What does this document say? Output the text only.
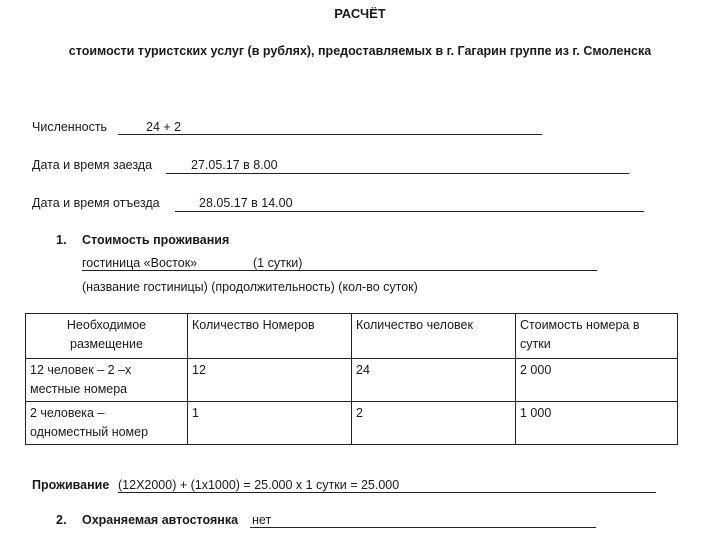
РАСЧЁТ
стоимости туристских услуг (в рублях), предоставляемых в г. Гагарин группе из г. Смоленска
Численность	24 + 2
Дата и время заезда	27.05.17 в 8.00
Дата и время отъезда	28.05.17 в 14.00
1. Стоимость проживания
гостиница «Восток»	(1 сутки)
(название гостиницы) (продолжительность) (кол-во суток)
Необходимое размещение	Количество Номеров	Количество человек	Стоимость номера в сутки
12 человек – 2 –х местные номера	12	24	2 000
2 человека – одноместный номер	1	2	1 000
Проживание (12Х2000) + (1х1000) = 25.000 х 1 сутки = 25.000
2. Охраняемая автостоянка нет
